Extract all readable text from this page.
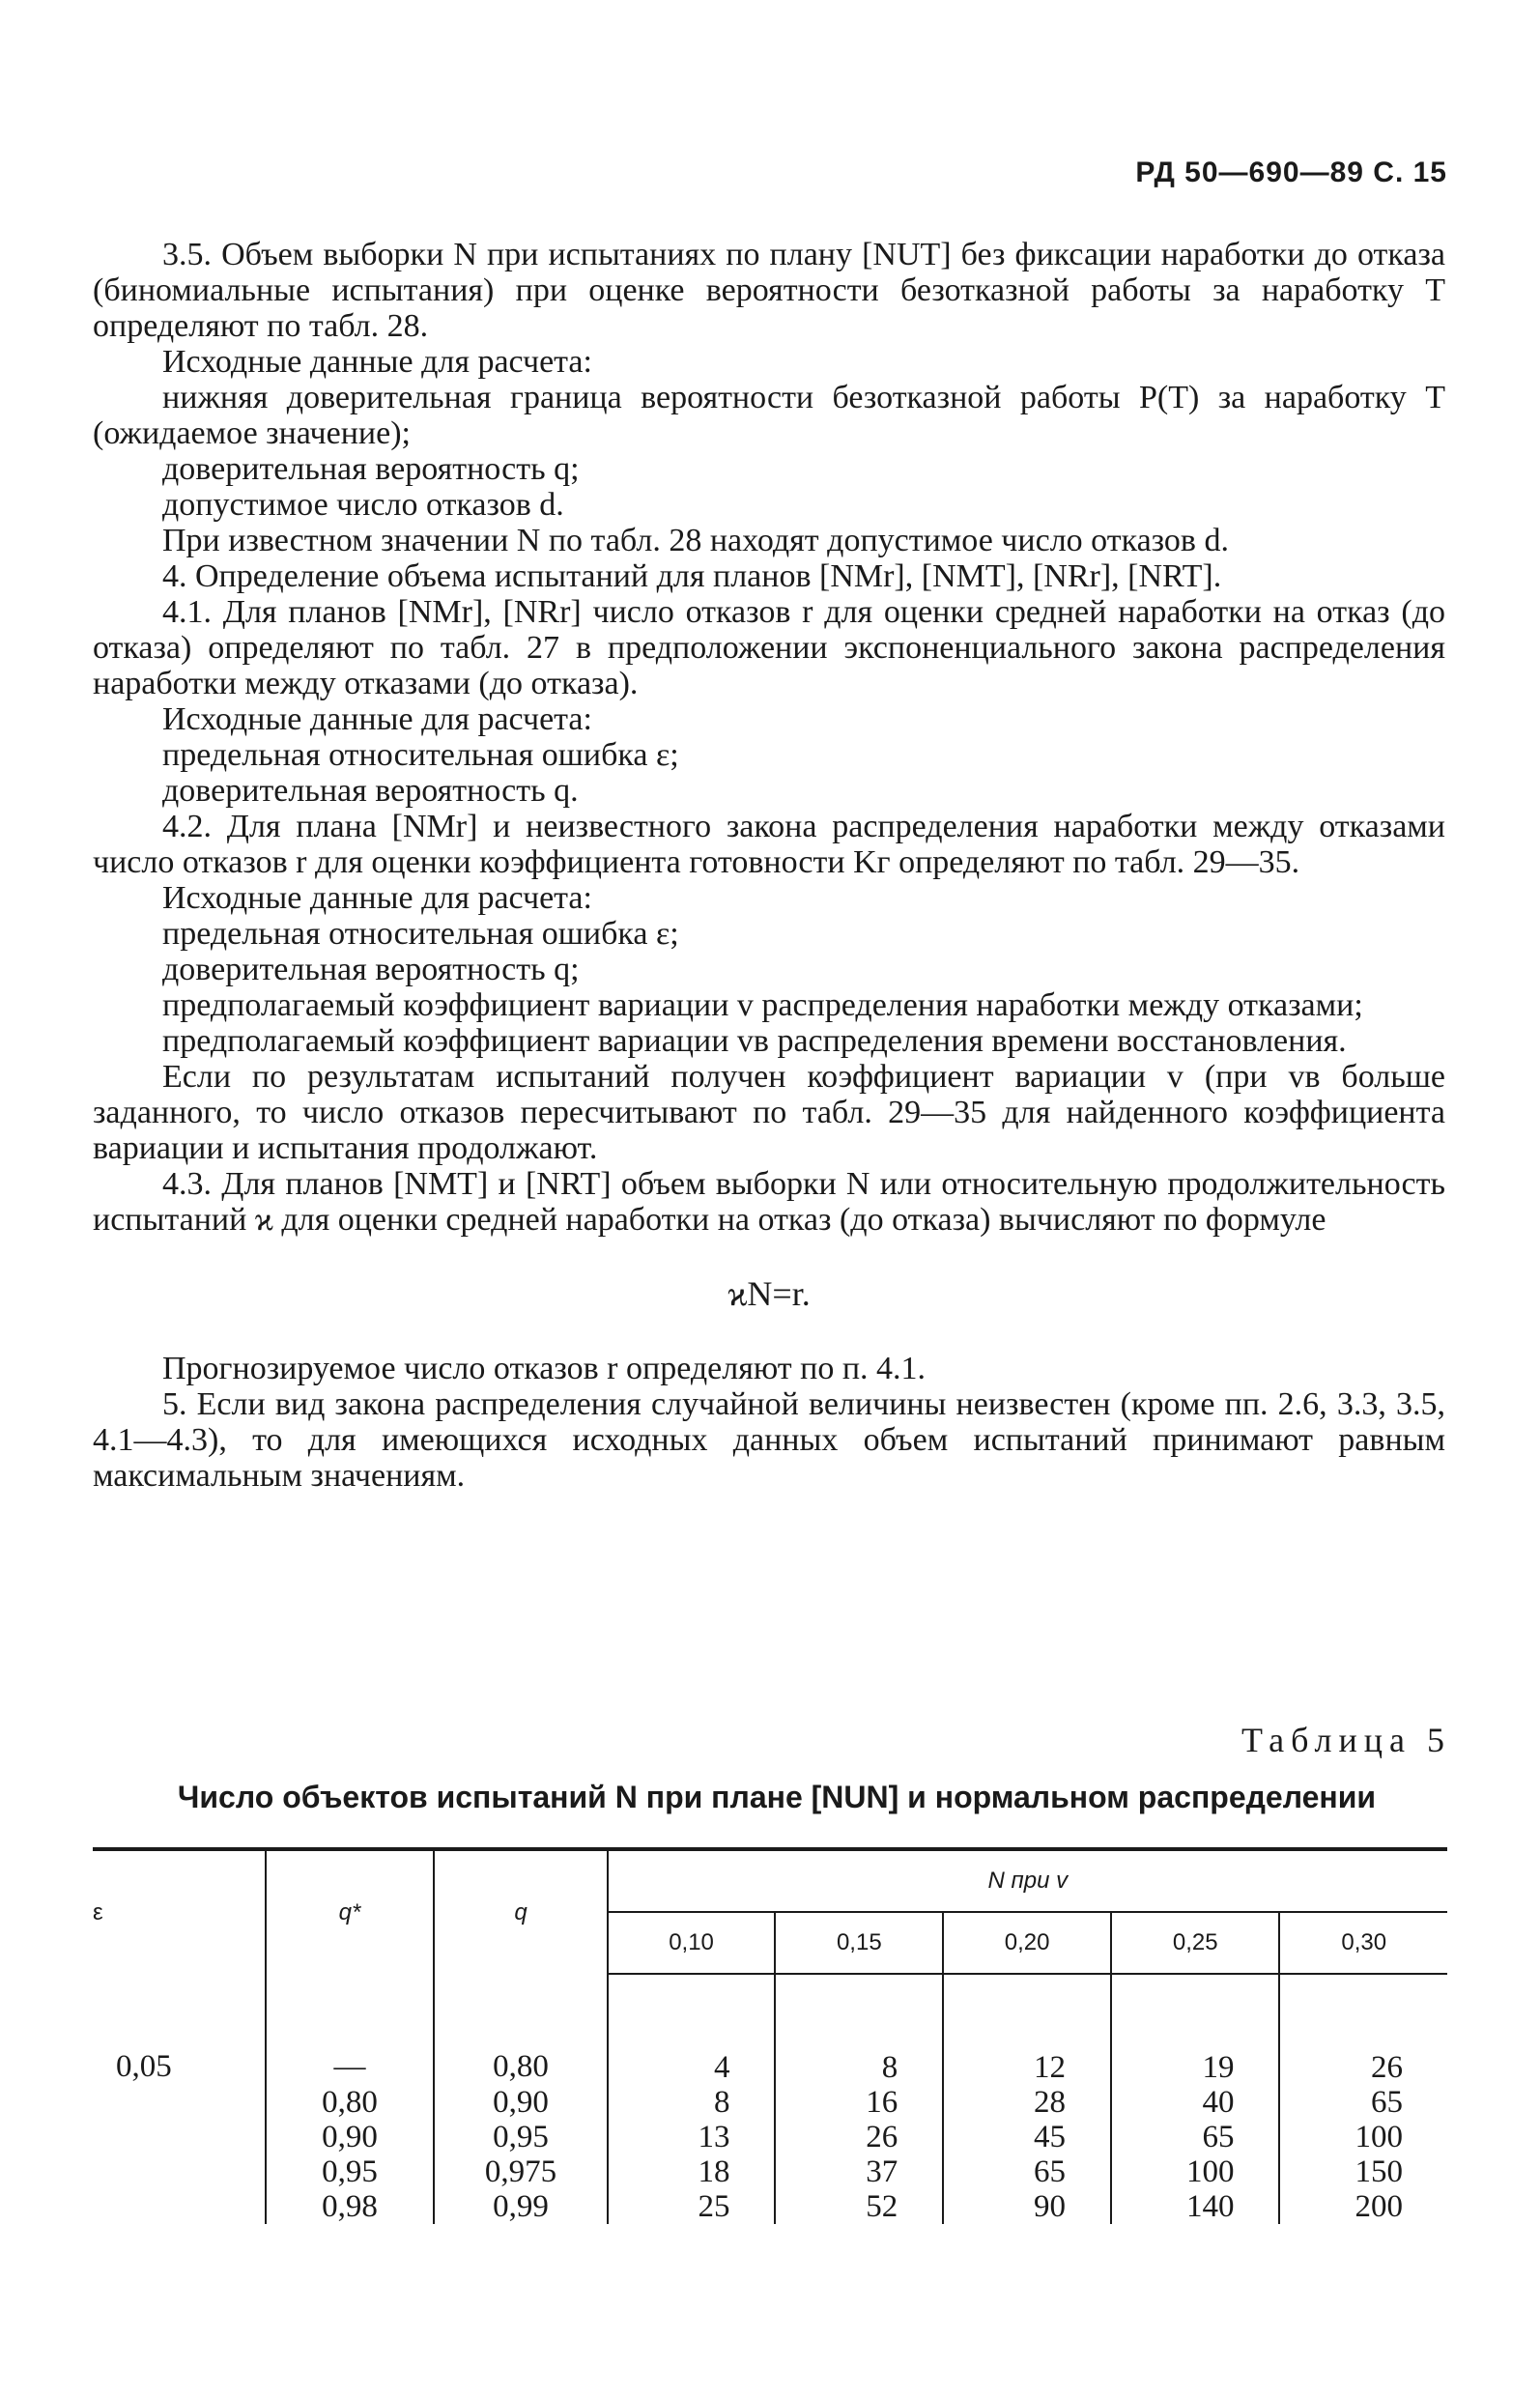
РД 50—690—89 С. 15

3.5. Объем выборки N при испытаниях по плану [NUT] без фиксации наработки до отказа (биномиальные испытания) при оценке вероятности безотказной работы за наработку T определяют по табл. 28.

Исходные данные для расчета:

нижняя доверительная граница вероятности безотказной работы P(T) за наработку T (ожидаемое значение);

доверительная вероятность q;

допустимое число отказов d.

При известном значении N по табл. 28 находят допустимое число отказов d.

4. Определение объема испытаний для планов [NMr], [NMT], [NRr], [NRT].

4.1. Для планов [NMr], [NRr] число отказов r для оценки средней наработки на отказ (до отказа) определяют по табл. 27 в предположении экспоненциального закона распределения наработки между отказами (до отказа).

Исходные данные для расчета:

предельная относительная ошибка ε;

доверительная вероятность q.

4.2. Для плана [NMr] и неизвестного закона распределения наработки между отказами число отказов r для оценки коэффициента готовности Kг определяют по табл. 29—35.

Исходные данные для расчета:

предельная относительная ошибка ε;

доверительная вероятность q;

предполагаемый коэффициент вариации v распределения наработки между отказами;

предполагаемый коэффициент вариации vв распределения времени восстановления.

Если по результатам испытаний получен коэффициент вариации v (при vв больше заданного, то число отказов пересчитывают по табл. 29—35 для найденного коэффициента вариации и испытания продолжают.

4.3. Для планов [NMT] и [NRT] объем выборки N или относительную продолжительность испытаний ϰ для оценки средней наработки на отказ (до отказа) вычисляют по формуле

ϰN=r.

Прогнозируемое число отказов r определяют по п. 4.1.

5. Если вид закона распределения случайной величины неизвестен (кроме пп. 2.6, 3.3, 3.5, 4.1—4.3), то для имеющихся исходных данных объем испытаний принимают равным максимальным значениям.

Таблица 5
Число объектов испытаний N при плане [NUN] и нормальном распределении
ε	q*	q	N при v				
			0,10	0,15	0,20	0,25	0,30
0,05	—	0,80	4	8	12	19	26
	0,80	0,90	8	16	28	40	65
	0,90	0,95	13	26	45	65	100
	0,95	0,975	18	37	65	100	150
	0,98	0,99	25	52	90	140	200
